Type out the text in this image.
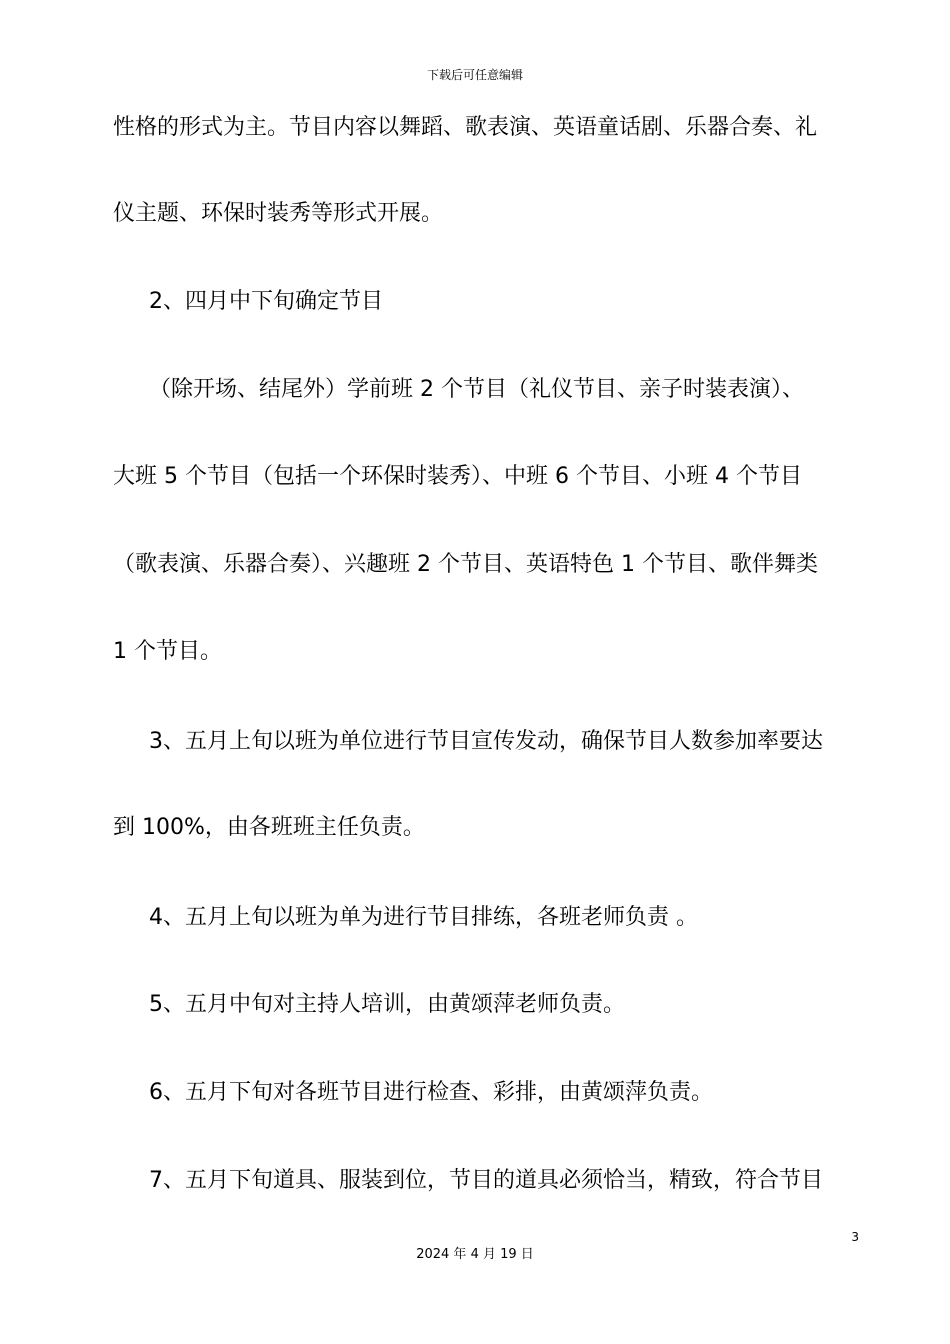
下载后可任意编辑
性格的形式为主。节目内容以舞蹈、歌表演、英语童话剧、乐器合奏、礼
仪主题、环保时装秀等形式开展。
2、四月中下旬确定节目
（除开场、结尾外）学前班 2 个节目（礼仪节目、亲子时装表演）、
大班 5 个节目（包括一个环保时装秀）、中班 6 个节目、小班 4 个节目
（歌表演、乐器合奏）、兴趣班 2 个节目、英语特色 1 个节目、歌伴舞类
1 个节目。
3、五月上旬以班为单位进行节目宣传发动，确保节目人数参加率要达
到 100%，由各班班主任负责。
4、五月上旬以班为单为进行节目排练，各班老师负责 。
5、五月中旬对主持人培训，由黄颂萍老师负责。
6、五月下旬对各班节目进行检查、彩排，由黄颂萍负责。
7、五月下旬道具、服装到位，节目的道具必须恰当，精致，符合节目
3
2024 年 4 月 19 日
